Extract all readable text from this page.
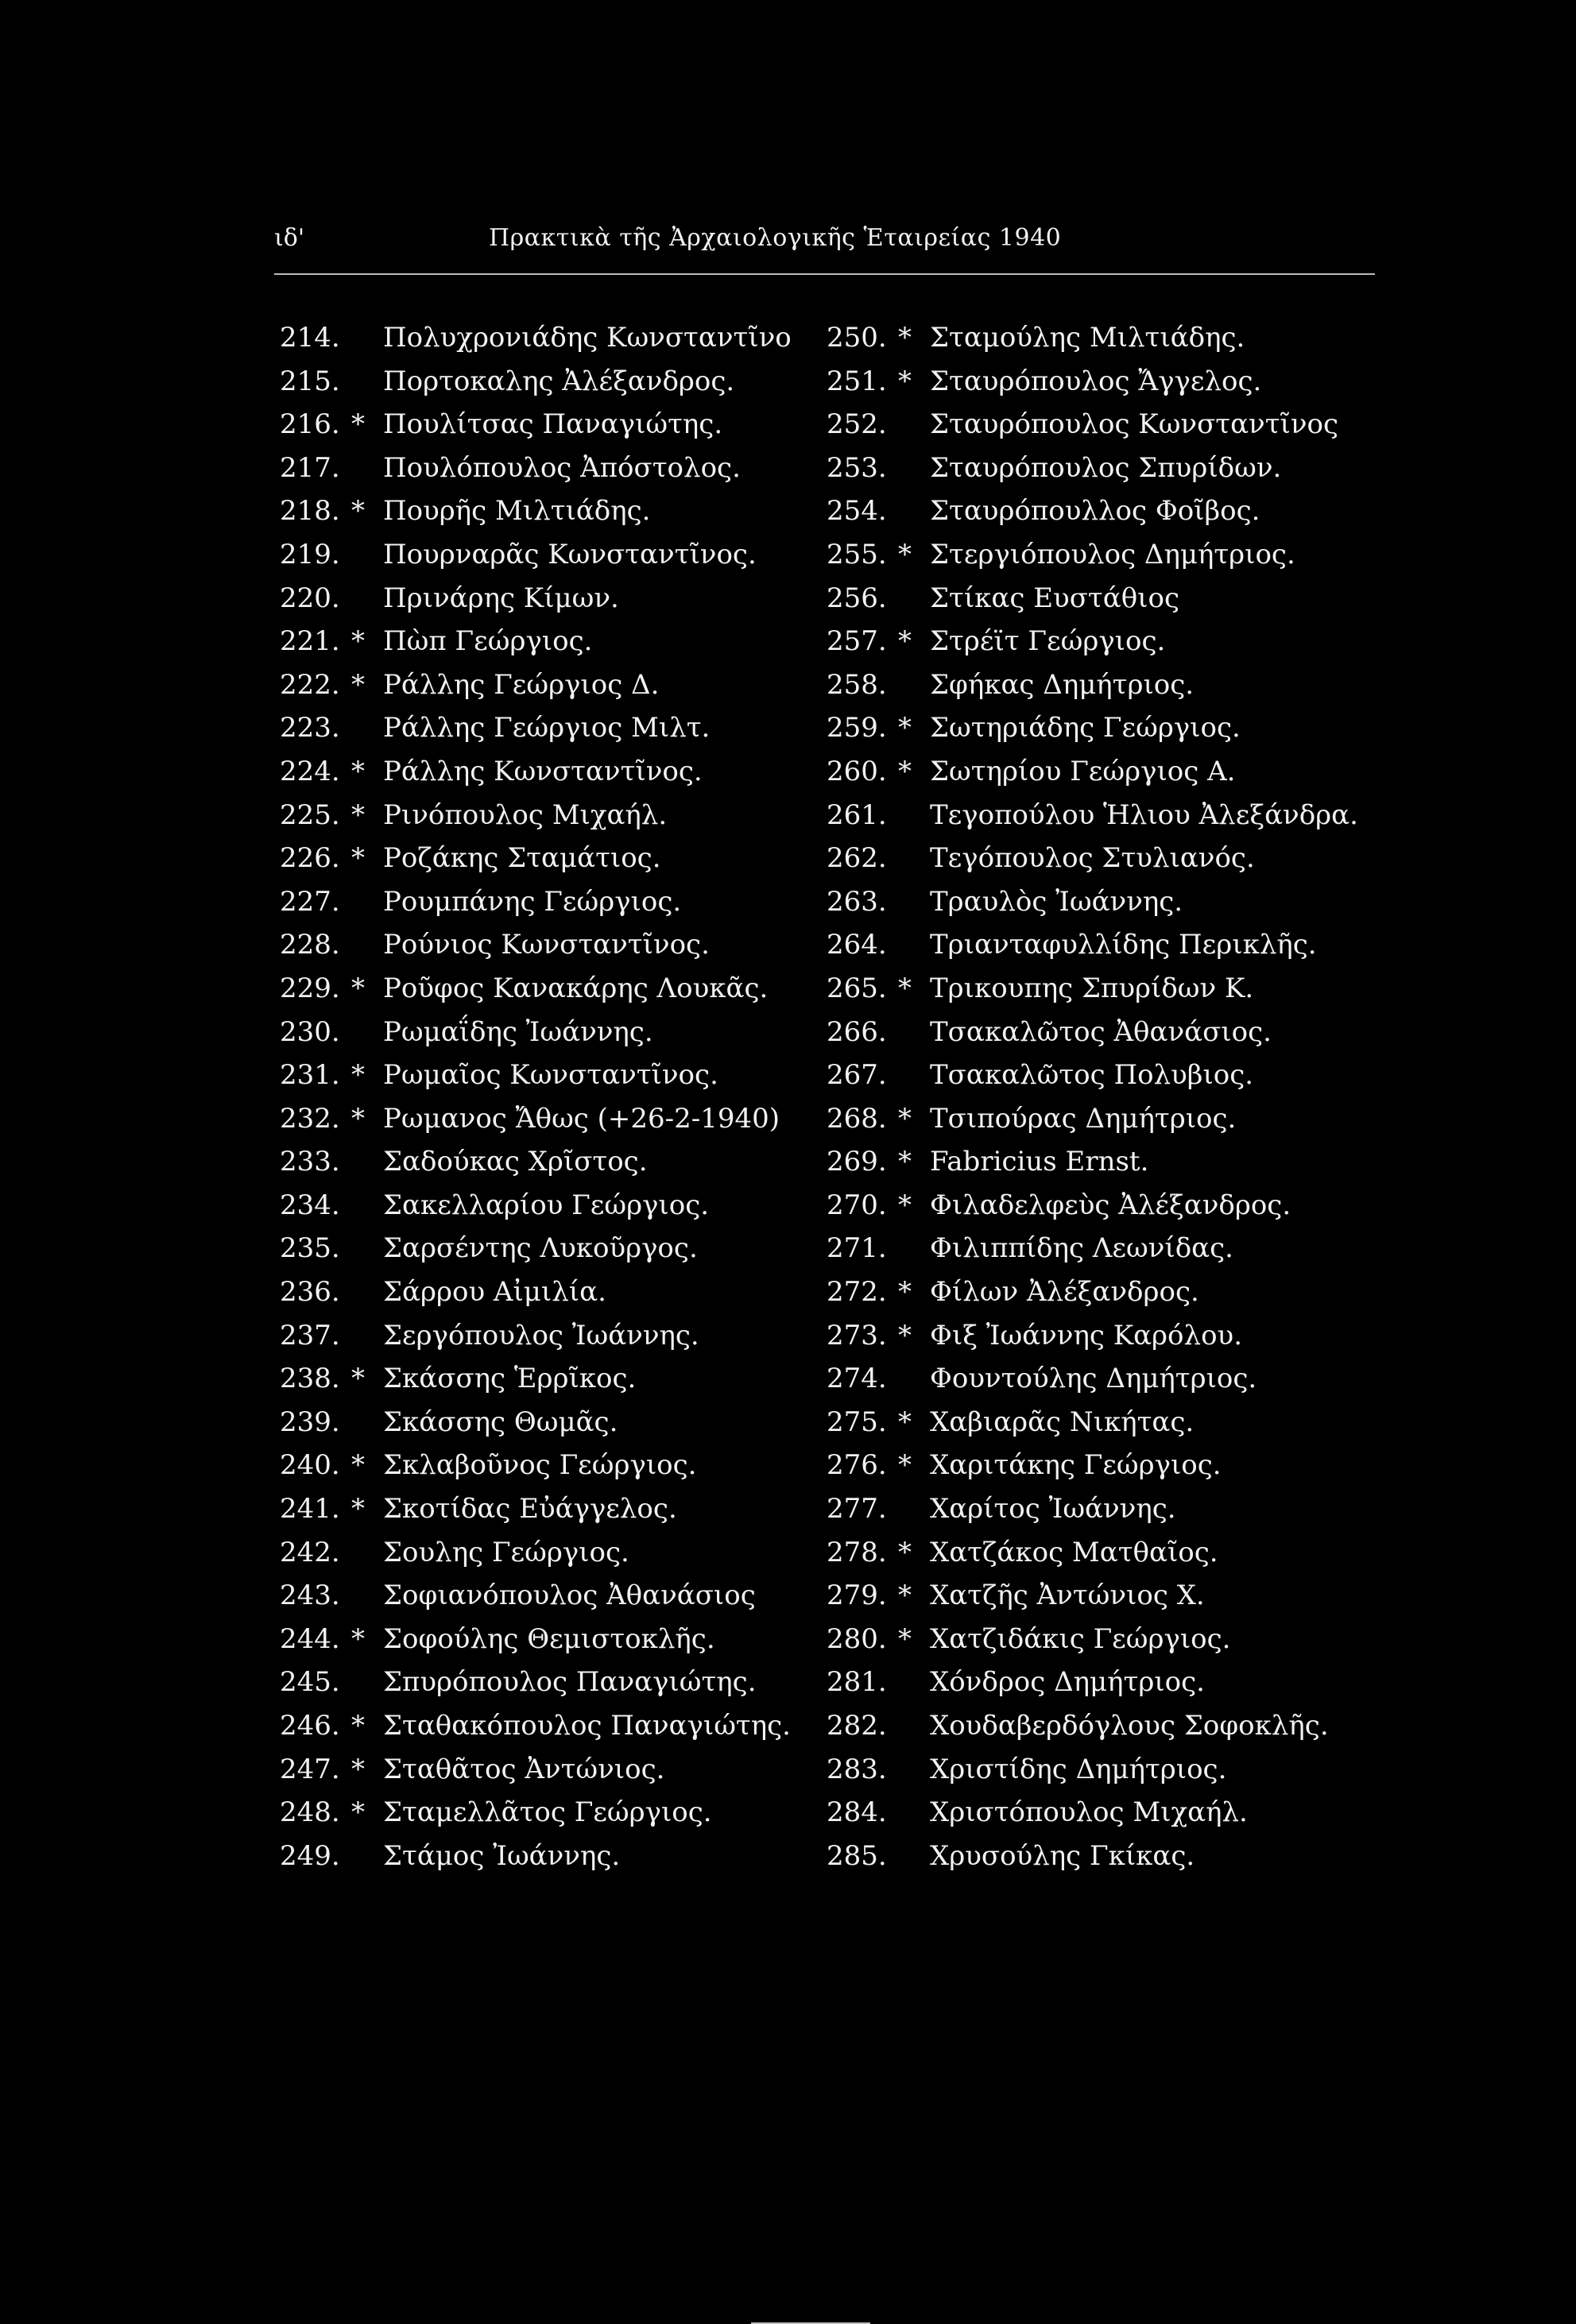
ιδ'	Πρακτικὰ τῆς Ἀρχαιολογικῆς Ἑταιρείας 1940
214. Πολυχρονιάδης Κωνσταντῖνο
215. Πορτοκαλης Ἀλέξανδρος.
216. * Πουλίτσας Παναγιώτης.
217. Πουλόπουλος Ἀπόστολος.
218. * Πουρῆς Μιλτιάδης.
219. Πουρναρᾶς Κωνσταντῖνος.
220. Πρινάρης Κίμων.
221. * Πὼπ Γεώργιος.
222. * Ράλλης Γεώργιος Δ.
223. Ράλλης Γεώργιος Μιλτ.
224. * Ράλλης Κωνσταντῖνος.
225. * Ρινόπουλος Μιχαήλ.
226. * Ροζάκης Σταμάτιος.
227. Ρουμπάνης Γεώργιος.
228. Ρούνιος Κωνσταντῖνος.
229. * Ροῦφος Κανακάρης Λουκᾶς.
230. Ρωμαΐδης Ἰωάννης.
231. * Ρωμαῖος Κωνσταντῖνος.
232. * Ρωμανος Ἄθως (+26-2-1940)
233. Σαδούκας Χρῖστος.
234. Σακελλαρίου Γεώργιος.
235. Σαρσέντης Λυκοῦργος.
236. Σάρρου Αἰμιλία.
237. Σεργόπουλος Ἰωάννης.
238. * Σκάσσης Ἑρρῖκος.
239. Σκάσσης Θωμᾶς.
240. * Σκλαβοῦνος Γεώργιος.
241. * Σκοτίδας Εὐάγγελος.
242. Σουλης Γεώργιος.
243. Σοφιανόπουλος Ἀθανάσιος
244. * Σοφούλης Θεμιστοκλῆς.
245. Σπυρόπουλος Παναγιώτης.
246. * Σταθακόπουλος Παναγιώτης.
247. * Σταθᾶτος Ἀντώνιος.
248. * Σταμελλᾶτος Γεώργιος.
249. Στάμος Ἰωάννης.
250. * Σταμούλης Μιλτιάδης.
251. * Σταυρόπουλος Ἄγγελος.
252. Σταυρόπουλος Κωνσταντῖνος
253. Σταυρόπουλος Σπυρίδων.
254. Σταυρόπουλλος Φοῖβος.
255. * Στεργιόπουλος Δημήτριος.
256. Στίκας Ευστάθιος
257. * Στρέϊτ Γεώργιος.
258. Σφήκας Δημήτριος.
259. * Σωτηριάδης Γεώργιος.
260. * Σωτηρίου Γεώργιος Α.
261. Τεγοπούλου Ἡλιου Ἀλεξάνδρα.
262. Τεγόπουλος Στυλιανός.
263. Τραυλὸς Ἰωάννης.
264. Τριανταφυλλίδης Περικλῆς.
265. * Τρικουπης Σπυρίδων Κ.
266. Τσακαλῶτος Ἀθανάσιος.
267. Τσακαλῶτος Πολυβιος.
268. * Τσιπούρας Δημήτριος.
269. * Fabricius Ernst.
270. * Φιλαδελφεὺς Ἀλέξανδρος.
271. Φιλιππίδης Λεωνίδας.
272. * Φίλων Ἀλέξανδρος.
273. * Φιξ Ἰωάννης Καρόλου.
274. Φουντούλης Δημήτριος.
275. * Χαβιαρᾶς Νικήτας.
276. * Χαριτάκης Γεώργιος.
277. Χαρίτος Ἰωάννης.
278. * Χατζάκος Ματθαῖος.
279. * Χατζῆς Ἀντώνιος Χ.
280. * Χατζιδάκις Γεώργιος.
281. Χόνδρος Δημήτριος.
282. Χουδαβερδόγλους Σοφοκλῆς.
283. Χριστίδης Δημήτριος.
284. Χριστόπουλος Μιχαήλ.
285. Χρυσούλης Γκίκας.
